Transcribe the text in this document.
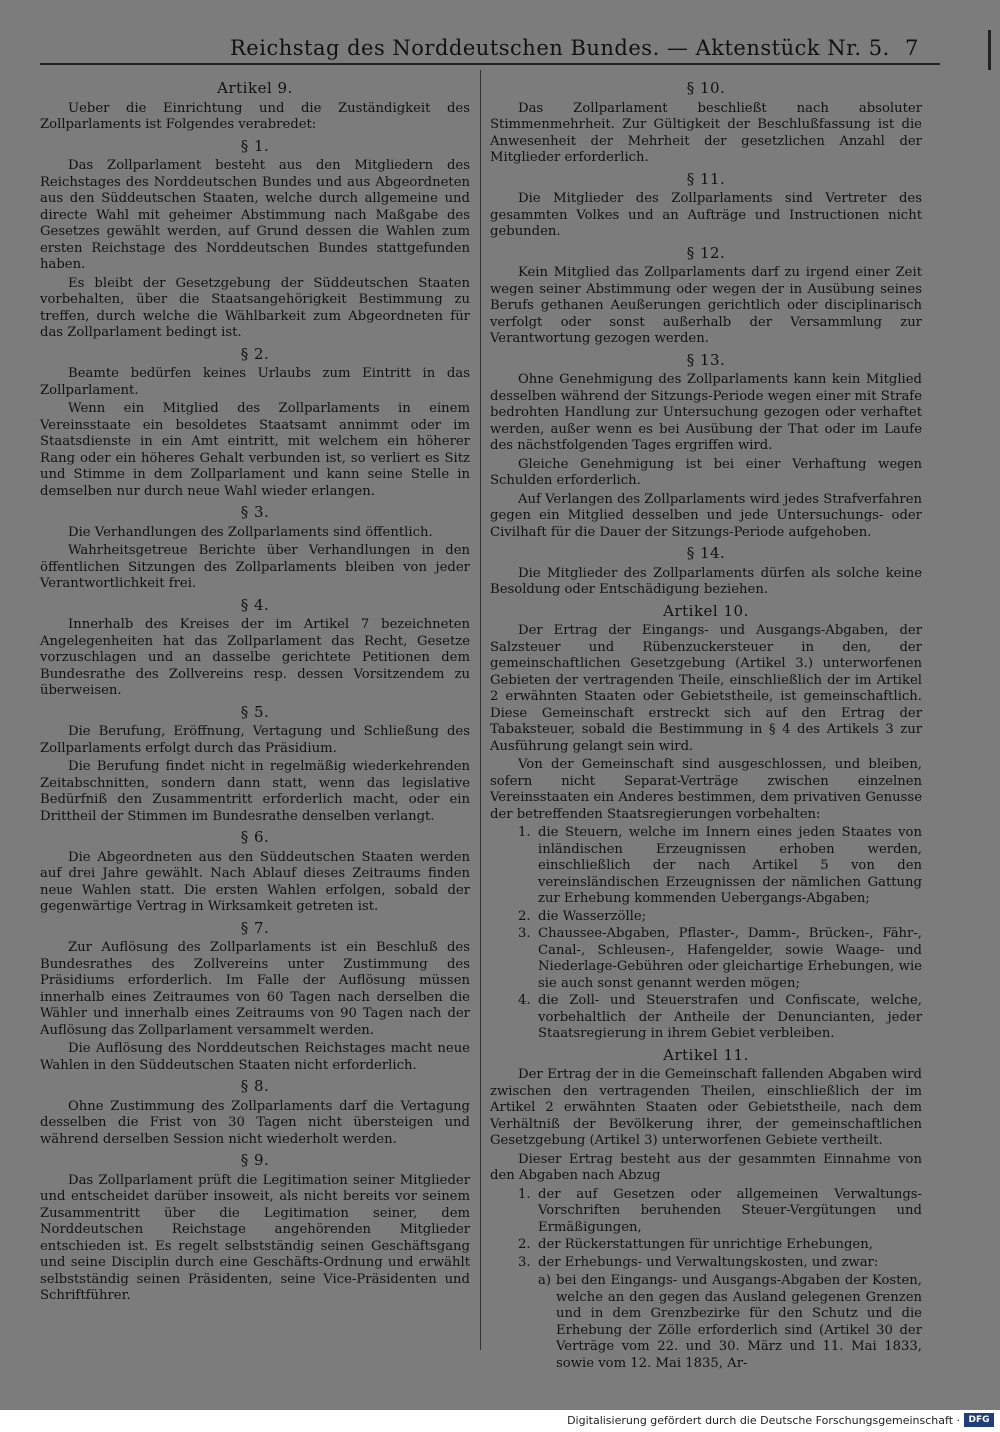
Reichstag des Norddeutschen Bundes. — Aktenstück Nr. 5. 7
Artikel 9.
Ueber die Einrichtung und die Zuständigkeit des Zollparlaments ist Folgendes verabredet:
§ 1.
Das Zollparlament besteht aus den Mitgliedern des Reichstages des Norddeutschen Bundes und aus Abgeordneten aus den Süddeutschen Staaten, welche durch allgemeine und directe Wahl mit geheimer Abstimmung nach Maßgabe des Gesetzes gewählt werden, auf Grund dessen die Wahlen zum ersten Reichstage des Norddeutschen Bundes stattgefunden haben.
Es bleibt der Gesetzgebung der Süddeutschen Staaten vorbehalten, über die Staatsangehörigkeit Bestimmung zu treffen, durch welche die Wählbarkeit zum Abgeordneten für das Zollparlament bedingt ist.
§ 2.
Beamte bedürfen keines Urlaubs zum Eintritt in das Zollparlament.
Wenn ein Mitglied des Zollparlaments in einem Vereinsstaate ein besoldetes Staatsamt annimmt oder im Staatsdienste in ein Amt eintritt, mit welchem ein höherer Rang oder ein höheres Gehalt verbunden ist, so verliert es Sitz und Stimme in dem Zollparlament und kann seine Stelle in demselben nur durch neue Wahl wieder erlangen.
§ 3.
Die Verhandlungen des Zollparlaments sind öffentlich.
Wahrheitsgetreue Berichte über Verhandlungen in den öffentlichen Sitzungen des Zollparlaments bleiben von jeder Verantwortlichkeit frei.
§ 4.
Innerhalb des Kreises der im Artikel 7 bezeichneten Angelegenheiten hat das Zollparlament das Recht, Gesetze vorzuschlagen und an dasselbe gerichtete Petitionen dem Bundesrathe des Zollvereins resp. dessen Vorsitzendem zu überweisen.
§ 5.
Die Berufung, Eröffnung, Vertagung und Schließung des Zollparlaments erfolgt durch das Präsidium.
Die Berufung findet nicht in regelmäßig wiederkehrenden Zeitabschnitten, sondern dann statt, wenn das legislative Bedürfniß den Zusammentritt erforderlich macht, oder ein Drittheil der Stimmen im Bundesrathe denselben verlangt.
§ 6.
Die Abgeordneten aus den Süddeutschen Staaten werden auf drei Jahre gewählt. Nach Ablauf dieses Zeitraums finden neue Wahlen statt. Die ersten Wahlen erfolgen, sobald der gegenwärtige Vertrag in Wirksamkeit getreten ist.
§ 7.
Zur Auflösung des Zollparlaments ist ein Beschluß des Bundesrathes des Zollvereins unter Zustimmung des Präsidiums erforderlich. Im Falle der Auflösung müssen innerhalb eines Zeitraumes von 60 Tagen nach derselben die Wähler und innerhalb eines Zeitraums von 90 Tagen nach der Auflösung das Zollparlament versammelt werden.
Die Auflösung des Norddeutschen Reichstages macht neue Wahlen in den Süddeutschen Staaten nicht erforderlich.
§ 8.
Ohne Zustimmung des Zollparlaments darf die Vertagung desselben die Frist von 30 Tagen nicht übersteigen und während derselben Session nicht wiederholt werden.
§ 9.
Das Zollparlament prüft die Legitimation seiner Mitglieder und entscheidet darüber insoweit, als nicht bereits vor seinem Zusammentritt über die Legitimation seiner, dem Norddeutschen Reichstage angehörenden Mitglieder entschieden ist. Es regelt selbstständig seinen Geschäftsgang und seine Disciplin durch eine Geschäfts-Ordnung und erwählt selbstständig seinen Präsidenten, seine Vice-Präsidenten und Schriftführer.
§ 10.
Das Zollparlament beschließt nach absoluter Stimmenmehrheit. Zur Gültigkeit der Beschlußfassung ist die Anwesenheit der Mehrheit der gesetzlichen Anzahl der Mitglieder erforderlich.
§ 11.
Die Mitglieder des Zollparlaments sind Vertreter des gesammten Volkes und an Aufträge und Instructionen nicht gebunden.
§ 12.
Kein Mitglied das Zollparlaments darf zu irgend einer Zeit wegen seiner Abstimmung oder wegen der in Ausübung seines Berufs gethanen Aeußerungen gerichtlich oder disciplinarisch verfolgt oder sonst außerhalb der Versammlung zur Verantwortung gezogen werden.
§ 13.
Ohne Genehmigung des Zollparlaments kann kein Mitglied desselben während der Sitzungs-Periode wegen einer mit Strafe bedrohten Handlung zur Untersuchung gezogen oder verhaftet werden, außer wenn es bei Ausübung der That oder im Laufe des nächstfolgenden Tages ergriffen wird.
Gleiche Genehmigung ist bei einer Verhaftung wegen Schulden erforderlich.
Auf Verlangen des Zollparlaments wird jedes Strafverfahren gegen ein Mitglied desselben und jede Untersuchungs- oder Civilhaft für die Dauer der Sitzungs-Periode aufgehoben.
§ 14.
Die Mitglieder des Zollparlaments dürfen als solche keine Besoldung oder Entschädigung beziehen.
Artikel 10.
Der Ertrag der Eingangs- und Ausgangs-Abgaben, der Salzsteuer und Rübenzuckersteuer in den, der gemeinschaftlichen Gesetzgebung (Artikel 3.) unterworfenen Gebieten der vertragenden Theile, einschließlich der im Artikel 2 erwähnten Staaten oder Gebietstheile, ist gemeinschaftlich. Diese Gemeinschaft erstreckt sich auf den Ertrag der Tabaksteuer, sobald die Bestimmung in § 4 des Artikels 3 zur Ausführung gelangt sein wird.
Von der Gemeinschaft sind ausgeschlossen, und bleiben, sofern nicht Separat-Verträge zwischen einzelnen Vereinsstaaten ein Anderes bestimmen, dem privativen Genusse der betreffenden Staatsregierungen vorbehalten:
1. die Steuern, welche im Innern eines jeden Staates von inländischen Erzeugnissen erhoben werden, einschließlich der nach Artikel 5 von den vereinsländischen Erzeugnissen der nämlichen Gattung zur Erhebung kommenden Uebergangs-Abgaben;
2. die Wasserzölle;
3. Chaussee-Abgaben, Pflaster-, Damm-, Brücken-, Fähr-, Canal-, Schleusen-, Hafengelder, sowie Waage- und Niederlage-Gebühren oder gleichartige Erhebungen, wie sie auch sonst genannt werden mögen;
4. die Zoll- und Steuerstrafen und Confiscate, welche, vorbehaltlich der Antheile der Denuncianten, jeder Staatsregierung in ihrem Gebiet verbleiben.
Artikel 11.
Der Ertrag der in die Gemeinschaft fallenden Abgaben wird zwischen den vertragenden Theilen, einschließlich der im Artikel 2 erwähnten Staaten oder Gebietstheile, nach dem Verhältniß der Bevölkerung ihrer, der gemeinschaftlichen Gesetzgebung (Artikel 3) unterworfenen Gebiete vertheilt.
Dieser Ertrag besteht aus der gesammten Einnahme von den Abgaben nach Abzug
1. der auf Gesetzen oder allgemeinen Verwaltungs-Vorschriften beruhenden Steuer-Vergütungen und Ermäßigungen,
2. der Rückerstattungen für unrichtige Erhebungen,
3. der Erhebungs- und Verwaltungskosten, und zwar:
a) bei den Eingangs- und Ausgangs-Abgaben der Kosten, welche an den gegen das Ausland gelegenen Grenzen und in dem Grenzbezirke für den Schutz und die Erhebung der Zölle erforderlich sind (Artikel 30 der Verträge vom 22. und 30. März und 11. Mai 1833, sowie vom 12. Mai 1835, Ar-
Digitalisierung gefördert durch die Deutsche Forschungsgemeinschaft · DFG
